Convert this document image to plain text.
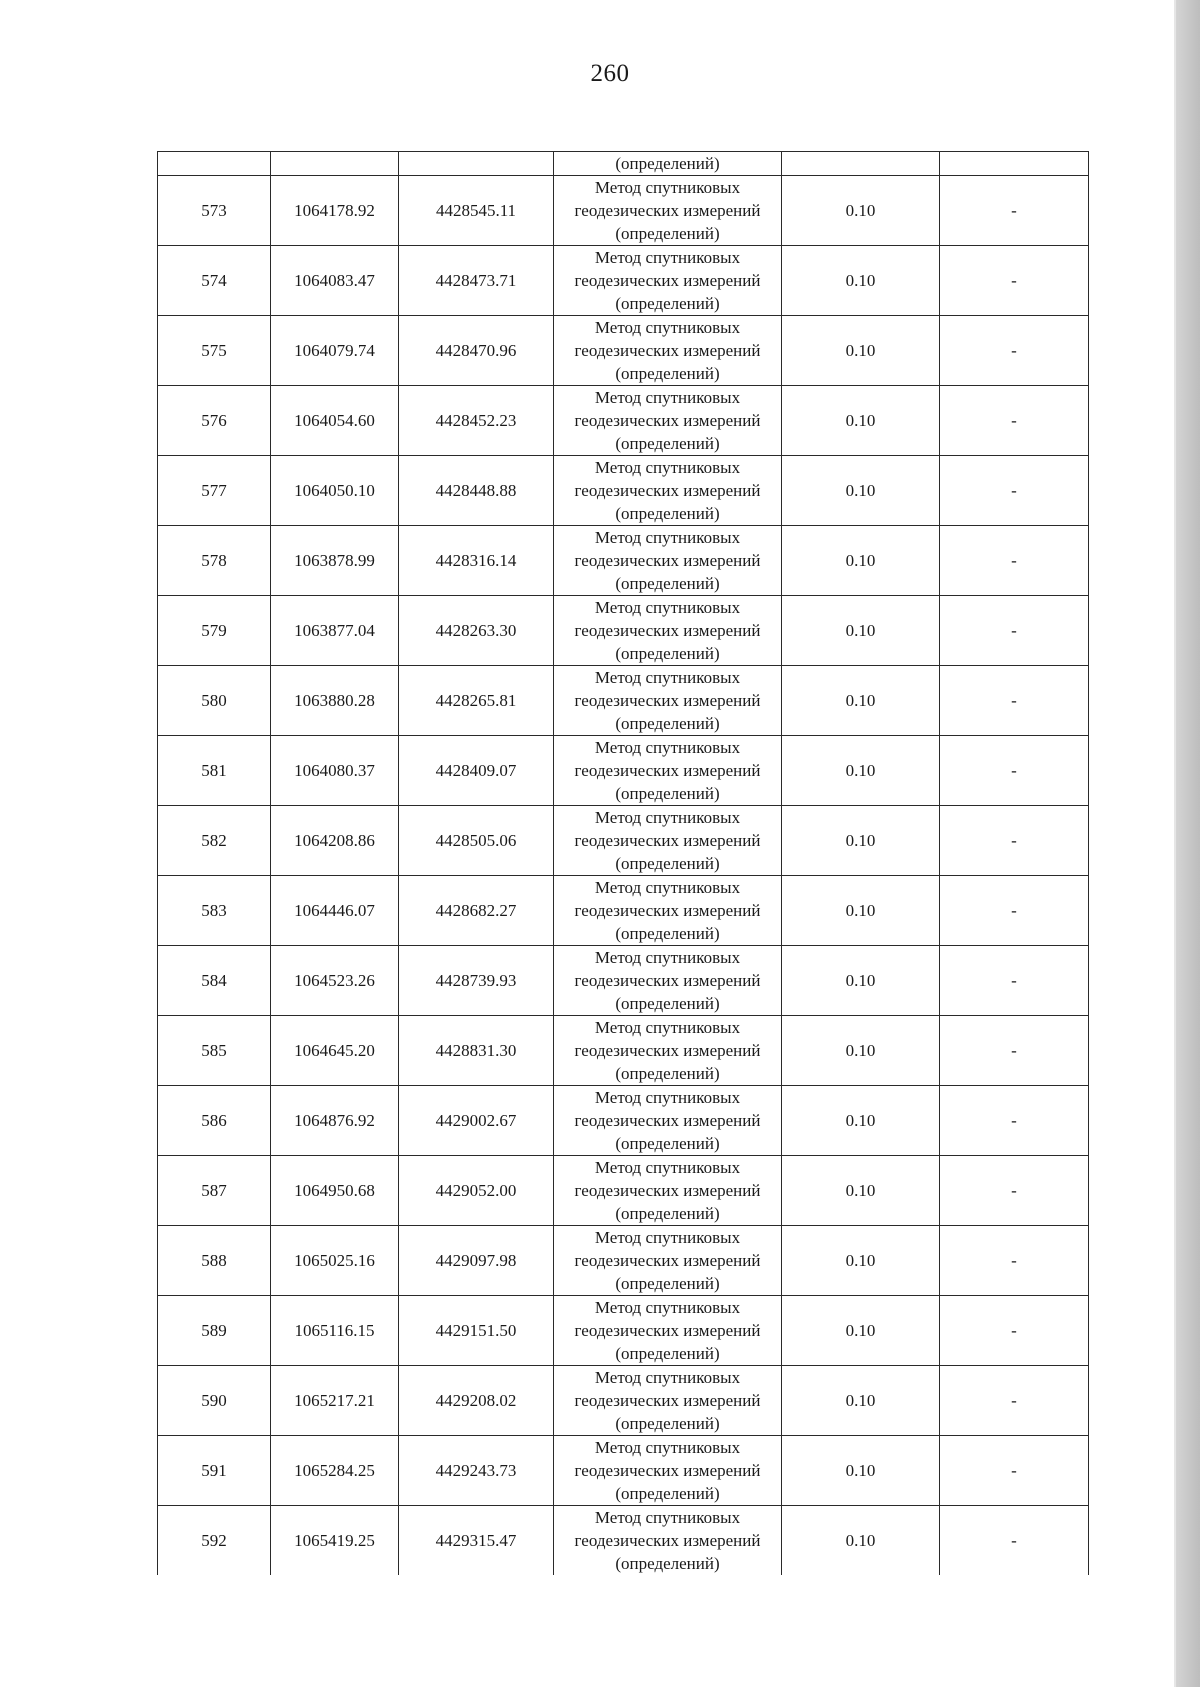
260
			(определений)		
573	1064178.92	4428545.11	Метод спутниковых
геодезических измерений
(определений)	0.10	-
574	1064083.47	4428473.71	Метод спутниковых
геодезических измерений
(определений)	0.10	-
575	1064079.74	4428470.96	Метод спутниковых
геодезических измерений
(определений)	0.10	-
576	1064054.60	4428452.23	Метод спутниковых
геодезических измерений
(определений)	0.10	-
577	1064050.10	4428448.88	Метод спутниковых
геодезических измерений
(определений)	0.10	-
578	1063878.99	4428316.14	Метод спутниковых
геодезических измерений
(определений)	0.10	-
579	1063877.04	4428263.30	Метод спутниковых
геодезических измерений
(определений)	0.10	-
580	1063880.28	4428265.81	Метод спутниковых
геодезических измерений
(определений)	0.10	-
581	1064080.37	4428409.07	Метод спутниковых
геодезических измерений
(определений)	0.10	-
582	1064208.86	4428505.06	Метод спутниковых
геодезических измерений
(определений)	0.10	-
583	1064446.07	4428682.27	Метод спутниковых
геодезических измерений
(определений)	0.10	-
584	1064523.26	4428739.93	Метод спутниковых
геодезических измерений
(определений)	0.10	-
585	1064645.20	4428831.30	Метод спутниковых
геодезических измерений
(определений)	0.10	-
586	1064876.92	4429002.67	Метод спутниковых
геодезических измерений
(определений)	0.10	-
587	1064950.68	4429052.00	Метод спутниковых
геодезических измерений
(определений)	0.10	-
588	1065025.16	4429097.98	Метод спутниковых
геодезических измерений
(определений)	0.10	-
589	1065116.15	4429151.50	Метод спутниковых
геодезических измерений
(определений)	0.10	-
590	1065217.21	4429208.02	Метод спутниковых
геодезических измерений
(определений)	0.10	-
591	1065284.25	4429243.73	Метод спутниковых
геодезических измерений
(определений)	0.10	-
592	1065419.25	4429315.47	Метод спутниковых
геодезических измерений
(определений)	0.10	-
